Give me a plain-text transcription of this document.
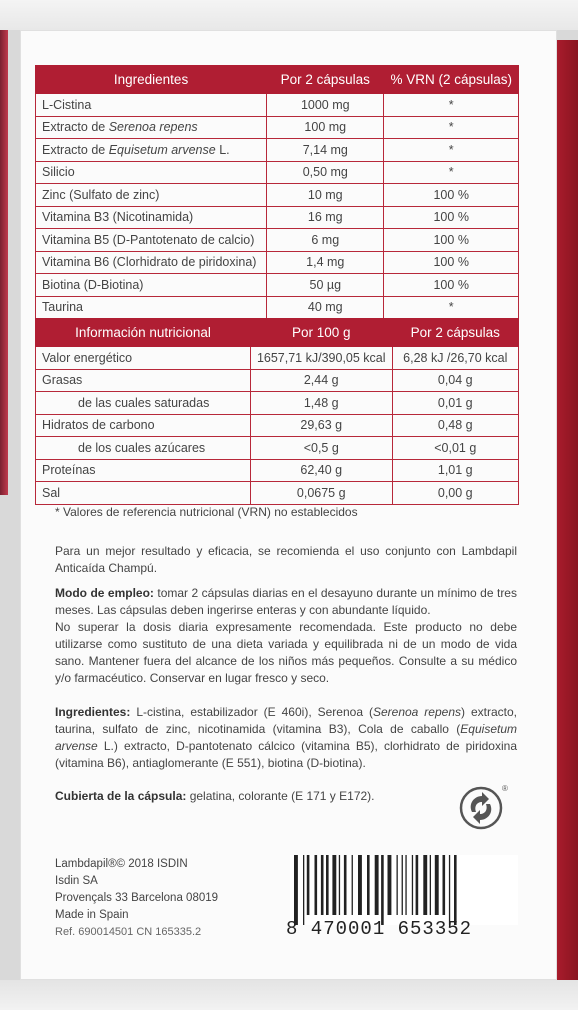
Ingredientes	Por 2 cápsulas	% VRN (2 cápsulas)
L-Cistina	1000 mg	*
Extracto de Serenoa repens	100 mg	*
Extracto de Equisetum arvense L.	7,14 mg	*
Silicio	0,50 mg	*
Zinc (Sulfato de zinc)	10 mg	100 %
Vitamina B3 (Nicotinamida)	16 mg	100 %
Vitamina B5 (D-Pantotenato de calcio)	6 mg	100 %
Vitamina B6 (Clorhidrato de piridoxina)	1,4 mg	100 %
Biotina (D-Biotina)	50 µg	100 %
Taurina	40 mg	*
Información nutricional	Por 100 g	Por 2 cápsulas
Valor energético	1657,71 kJ/390,05 kcal	6,28 kJ /26,70 kcal
Grasas	2,44 g	0,04 g
de las cuales saturadas	1,48 g	0,01 g
Hidratos de carbono	29,63 g	0,48 g
de los cuales azúcares	<0,5 g	<0,01 g
Proteínas	62,40 g	1,01 g
Sal	0,0675 g	0,00 g
* Valores de referencia nutricional (VRN) no establecidos
Para un mejor resultado y eficacia, se recomienda el uso conjunto con Lambdapil Anticaída Champú.
Modo de empleo: tomar 2 cápsulas diarias en el desayuno durante un mínimo de tres meses. Las cápsulas deben ingerirse enteras y con abundante líquido.
No superar la dosis diaria expresamente recomendada. Este producto no debe utilizarse como sustituto de una dieta variada y equilibrada ni de un modo de vida sano. Mantener fuera del alcance de los niños más pequeños. Consulte a su médico y/o farmacéutico. Conservar en lugar fresco y seco.
Ingredientes: L-cistina, estabilizador (E 460i), Serenoa (Serenoa repens) extracto, taurina, sulfato de zinc, nicotinamida (vitamina B3), Cola de caballo (Equisetum arvense L.) extracto, D-pantotenato cálcico (vitamina B5), clorhidrato de piridoxina (vitamina B6), antiaglomerante (E 551), biotina (D-biotina).
Cubierta de la cápsula: gelatina, colorante (E 171 y E172).
®
Lambdapil®© 2018 ISDIN
Isdin SA
Provençals 33 Barcelona 08019
Made in Spain
Ref. 690014501 CN 165335.2	8 470001 653352
